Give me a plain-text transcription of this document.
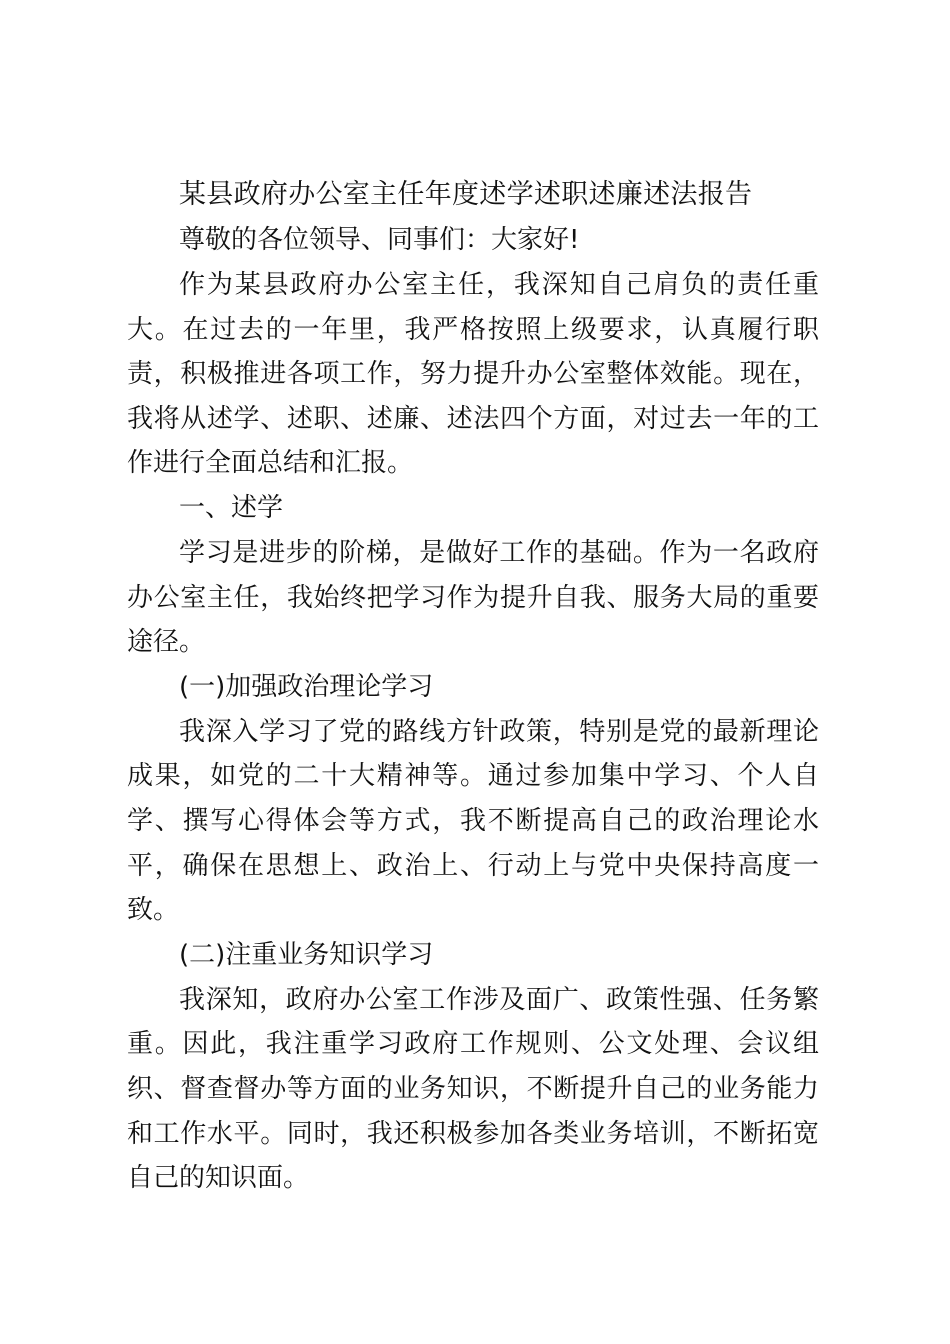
某县政府办公室主任年度述学述职述廉述法报告

尊敬的各位领导、同事们：大家好!

作为某县政府办公室主任，我深知自己肩负的责任重大。在过去的一年里，我严格按照上级要求，认真履行职责，积极推进各项工作，努力提升办公室整体效能。现在，我将从述学、述职、述廉、述法四个方面，对过去一年的工作进行全面总结和汇报。

一、述学

学习是进步的阶梯，是做好工作的基础。作为一名政府办公室主任，我始终把学习作为提升自我、服务大局的重要途径。

(一)加强政治理论学习

我深入学习了党的路线方针政策，特别是党的最新理论成果，如党的二十大精神等。通过参加集中学习、个人自学、撰写心得体会等方式，我不断提高自己的政治理论水平，确保在思想上、政治上、行动上与党中央保持高度一致。

(二)注重业务知识学习

我深知，政府办公室工作涉及面广、政策性强、任务繁重。因此，我注重学习政府工作规则、公文处理、会议组织、督查督办等方面的业务知识，不断提升自己的业务能力和工作水平。同时，我还积极参加各类业务培训，不断拓宽自己的知识面。
